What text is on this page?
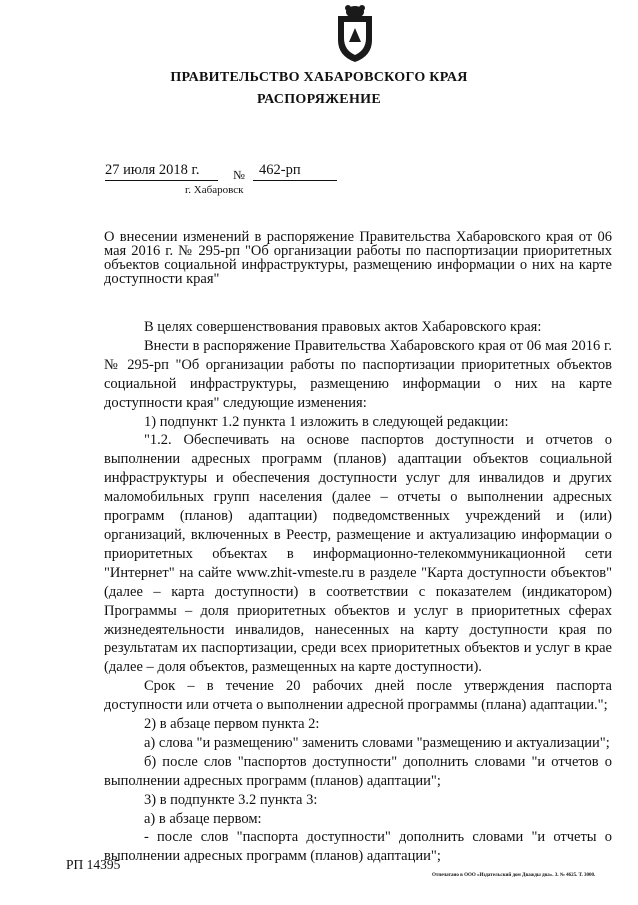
ПРАВИТЕЛЬСТВО ХАБАРОВСКОГО КРАЯ
РАСПОРЯЖЕНИЕ
27 июля 2018 г.	№ 462-рп
г. Хабаровск
О внесении изменений в распоряжение Правительства Хабаровского края от 06 мая 2016 г. № 295-рп "Об организации работы по паспортизации приоритетных объектов социальной инфраструктуры, размещению информации о них на карте доступности края"

В целях совершенствования правовых актов Хабаровского края:

Внести в распоряжение Правительства Хабаровского края от 06 мая 2016 г. № 295-рп "Об организации работы по паспортизации приоритетных объектов социальной инфраструктуры, размещению информации о них на карте доступности края" следующие изменения:

1) подпункт 1.2 пункта 1 изложить в следующей редакции:

"1.2. Обеспечивать на основе паспортов доступности и отчетов о выполнении адресных программ (планов) адаптации объектов социальной инфраструктуры и обеспечения доступности услуг для инвалидов и других маломобильных групп населения (далее – отчеты о выполнении адресных программ (планов) адаптации) подведомственных учреждений и (или) организаций, включенных в Реестр, размещение и актуализацию информации о приоритетных объектах в информационно-телекоммуникационной сети "Интернет" на сайте www.zhit-vmeste.ru в разделе "Карта доступности объектов" (далее – карта доступности) в соответствии с показателем (индикатором) Программы – доля приоритетных объектов и услуг в приоритетных сферах жизнедеятельности инвалидов, нанесенных на карту доступности края по результатам их паспортизации, среди всех приоритетных объектов и услуг в крае (далее – доля объектов, размещенных на карте доступности).

Срок – в течение 20 рабочих дней после утверждения паспорта доступности или отчета о выполнении адресной программы (плана) адаптации.";

2) в абзаце первом пункта 2:

а) слова "и размещению" заменить словами "размещению и актуализации";

б) после слов "паспортов доступности" дополнить словами "и отчетов о выполнении адресных программ (планов) адаптации";

3) в подпункте 3.2 пункта 3:

а) в абзаце первом:

- после слов "паспорта доступности" дополнить словами "и отчеты о выполнении адресных программ (планов) адаптации";

РП 14395
Отпечатано в ООО «Издательский дом Дважды два». З. № 4625. Т. 3000.
